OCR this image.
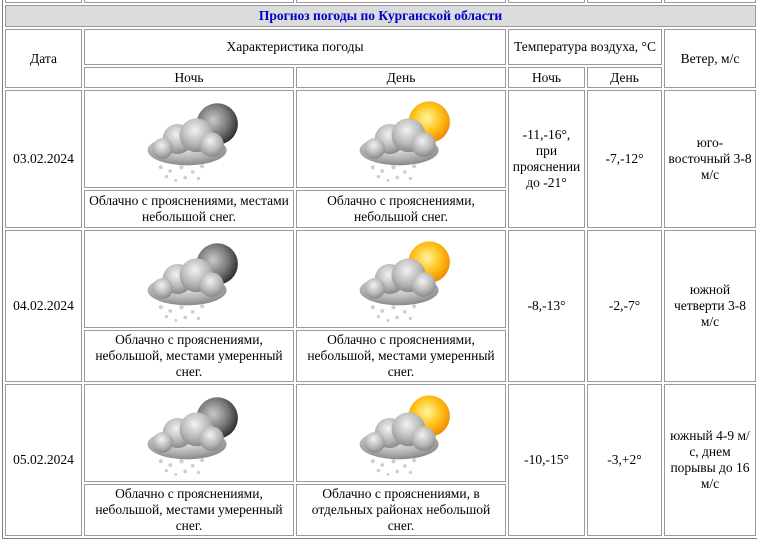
Прогноз погоды по Курганской области					
Дата	Характеристика погоды		Температура воздуха, °С		Ветер, м/с
	Ночь	День	Ночь	День	
03.02.2024			-11,-16°, при прояснении до -21°	-7,-12°	юго-восточный 3-8 м/с
	Облачно с прояснениями, местами небольшой снег.	Облачно с прояснениями, небольшой снег.			
04.02.2024			-8,-13°	-2,-7°	южной четверти 3-8 м/с
	Облачно с прояснениями, небольшой, местами умеренный снег.	Облачно с прояснениями, небольшой, местами умеренный снег.			
05.02.2024			-10,-15°	-3,+2°	южный 4-9 м/с, днем порывы до 16 м/с
	Облачно с прояснениями, небольшой, местами умеренный снег.	Облачно с прояснениями, в отдельных районах небольшой снег.			
